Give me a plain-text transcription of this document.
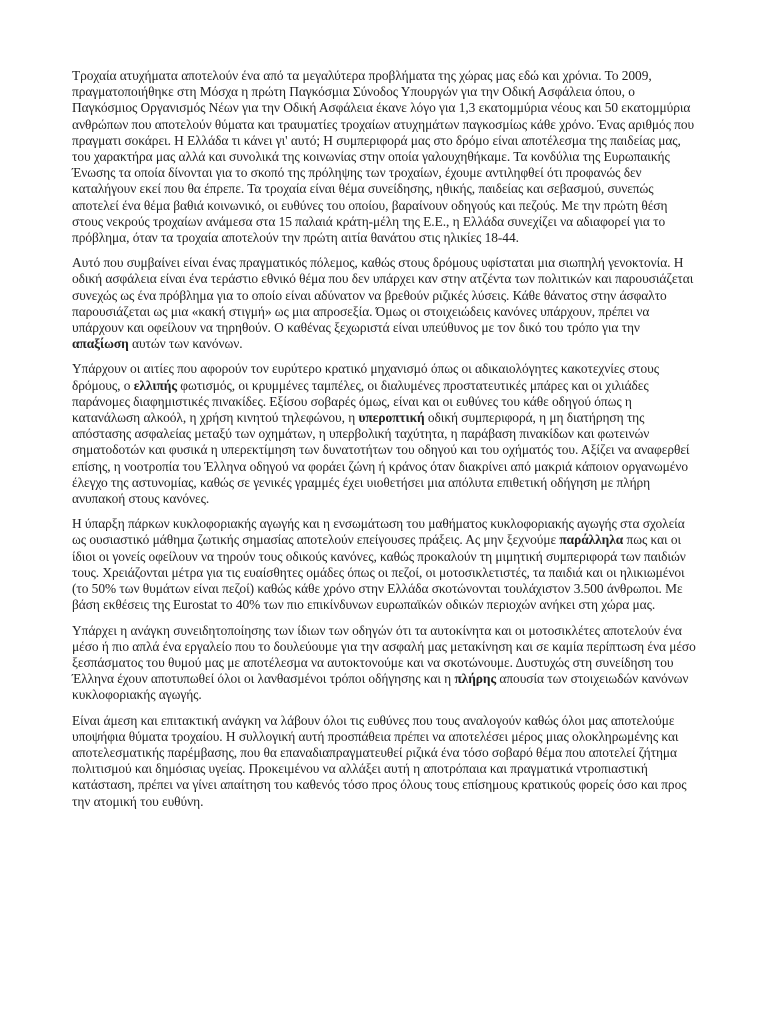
Τροχαία ατυχήματα αποτελούν ένα από τα μεγαλύτερα προβλήματα της χώρας μας εδώ και χρόνια. Το 2009, πραγματοποιήθηκε στη Μόσχα η πρώτη Παγκόσμια Σύνοδος Υπουργών για την Οδική Ασφάλεια όπου, ο Παγκόσμιος Οργανισμός Νέων για την Οδική Ασφάλεια έκανε λόγο για 1,3 εκατομμύρια νέους και 50 εκατομμύρια ανθρώπων που αποτελούν θύματα και τραυματίες τροχαίων ατυχημάτων παγκοσμίως κάθε χρόνο. Ένας αριθμός που πραγματι σοκάρει. Η Ελλάδα τι κάνει γι' αυτό; Η συμπεριφορά μας στο δρόμο είναι αποτέλεσμα της παιδείας μας, του χαρακτήρα μας αλλά και συνολικά της κοινωνίας στην οποία γαλουχηθήκαμε. Τα κονδύλια της Ευρωπαικής Ένωσης τα οποία δίνονται για το σκοπό της πρόληψης των τροχαίων, έχουμε αντιληφθεί ότι προφανώς δεν καταλήγουν εκεί που θα έπρεπε. Τα τροχαία είναι θέμα συνείδησης, ηθικής, παιδείας και σεβασμού, συνεπώς αποτελεί ένα θέμα βαθιά κοινωνικό, οι ευθύνες του οποίου, βαραίνουν οδηγούς και πεζούς. Με την πρώτη θέση στους νεκρούς τροχαίων ανάμεσα στα 15 παλαιά κράτη-μέλη της Ε.Ε., η Ελλάδα συνεχίζει να αδιαφορεί για το πρόβλημα, όταν τα τροχαία αποτελούν την πρώτη αιτία θανάτου στις ηλικίες 18-44.

Αυτό που συμβαίνει είναι ένας πραγματικός πόλεμος, καθώς στους δρόμους υφίσταται μια σιωπηλή γενοκτονία. Η οδική ασφάλεια είναι ένα τεράστιο εθνικό θέμα που δεν υπάρχει καν στην ατζέντα των πολιτικών και παρουσιάζεται συνεχώς ως ένα πρόβλημα για το οποίο είναι αδύνατον να βρεθούν ριζικές λύσεις. Κάθε θάνατος στην άσφαλτο παρουσιάζεται ως μια «κακή στιγμή» ως μια απροσεξία. Όμως οι στοιχειώδεις κανόνες υπάρχουν, πρέπει να υπάρχουν και οφείλουν να τηρηθούν. Ο καθένας ξεχωριστά είναι υπεύθυνος με τον δικό του τρόπο για την απαξίωση αυτών των κανόνων.

Υπάρχουν οι αιτίες που αφορούν τον ευρύτερο κρατικό μηχανισμό όπως οι αδικαιολόγητες κακοτεχνίες στους δρόμους, ο ελλιπής φωτισμός, οι κρυμμένες ταμπέλες, οι διαλυμένες προστατευτικές μπάρες και οι χιλιάδες παράνομες διαφημιστικές πινακίδες. Εξίσου σοβαρές όμως, είναι και οι ευθύνες του κάθε οδηγού όπως η κατανάλωση αλκοόλ, η χρήση κινητού τηλεφώνου, η υπεροπτική οδική συμπεριφορά, η μη διατήρηση της απόστασης ασφαλείας μεταξύ των οχημάτων, η υπερβολική ταχύτητα, η παράβαση πινακίδων και φωτεινών σηματοδοτών και φυσικά η υπερεκτίμηση των δυνατοτήτων του οδηγού και του οχήματός του. Αξίζει να αναφερθεί επίσης, η νοοτροπία του Έλληνα οδηγού να φοράει ζώνη ή κράνος όταν διακρίνει από μακριά κάποιον οργανωμένο έλεγχο της αστυνομίας, καθώς σε γενικές γραμμές έχει υιοθετήσει μια απόλυτα επιθετική οδήγηση με πλήρη ανυπακοή στους κανόνες.

Η ύπαρξη πάρκων κυκλοφοριακής αγωγής και η ενσωμάτωση του μαθήματος κυκλοφοριακής αγωγής στα σχολεία ως ουσιαστικό μάθημα ζωτικής σημασίας αποτελούν επείγουσες πράξεις. Ας μην ξεχνούμε παράλληλα πως και οι ίδιοι οι γονείς οφείλουν να τηρούν τους οδικούς κανόνες, καθώς προκαλούν τη μιμητική συμπεριφορά των παιδιών τους. Χρειάζονται μέτρα για τις ευαίσθητες ομάδες όπως οι πεζοί, οι μοτοσικλετιστές, τα παιδιά και οι ηλικιωμένοι (το 50% των θυμάτων είναι πεζοί) καθώς κάθε χρόνο στην Ελλάδα σκοτώνονται τουλάχιστον 3.500 άνθρωποι. Με βάση εκθέσεις της Eurostat το 40% των πιο επικίνδυνων ευρωπαϊκών οδικών περιοχών ανήκει στη χώρα μας.

Υπάρχει η ανάγκη συνειδητοποίησης των ίδιων των οδηγών ότι τα αυτοκίνητα και οι μοτοσικλέτες αποτελούν ένα μέσο ή πιο απλά ένα εργαλείο που το δουλεύουμε για την ασφαλή μας μετακίνηση και σε καμία περίπτωση ένα μέσο ξεσπάσματος του θυμού μας με αποτέλεσμα να αυτοκτονούμε και να σκοτώνουμε. Δυστυχώς στη συνείδηση του Έλληνα έχουν αποτυπωθεί όλοι οι λανθασμένοι τρόποι οδήγησης και η πλήρης απουσία των στοιχειωδών κανόνων κυκλοφοριακής αγωγής.

Είναι άμεση και επιτακτική ανάγκη να λάβουν όλοι τις ευθύνες που τους αναλογούν καθώς όλοι μας αποτελούμε υποψήφια θύματα τροχαίου. Η συλλογική αυτή προσπάθεια πρέπει να αποτελέσει μέρος μιας ολοκληρωμένης και αποτελεσματικής παρέμβασης, που θα επαναδιαπραγματευθεί ριζικά ένα τόσο σοβαρό θέμα που αποτελεί ζήτημα πολιτισμού και δημόσιας υγείας. Προκειμένου να αλλάξει αυτή η αποτρόπαια και πραγματικά ντροπιαστική κατάσταση, πρέπει να γίνει απαίτηση του καθενός τόσο προς όλους τους επίσημους κρατικούς φορείς όσο και προς την ατομική του ευθύνη.
